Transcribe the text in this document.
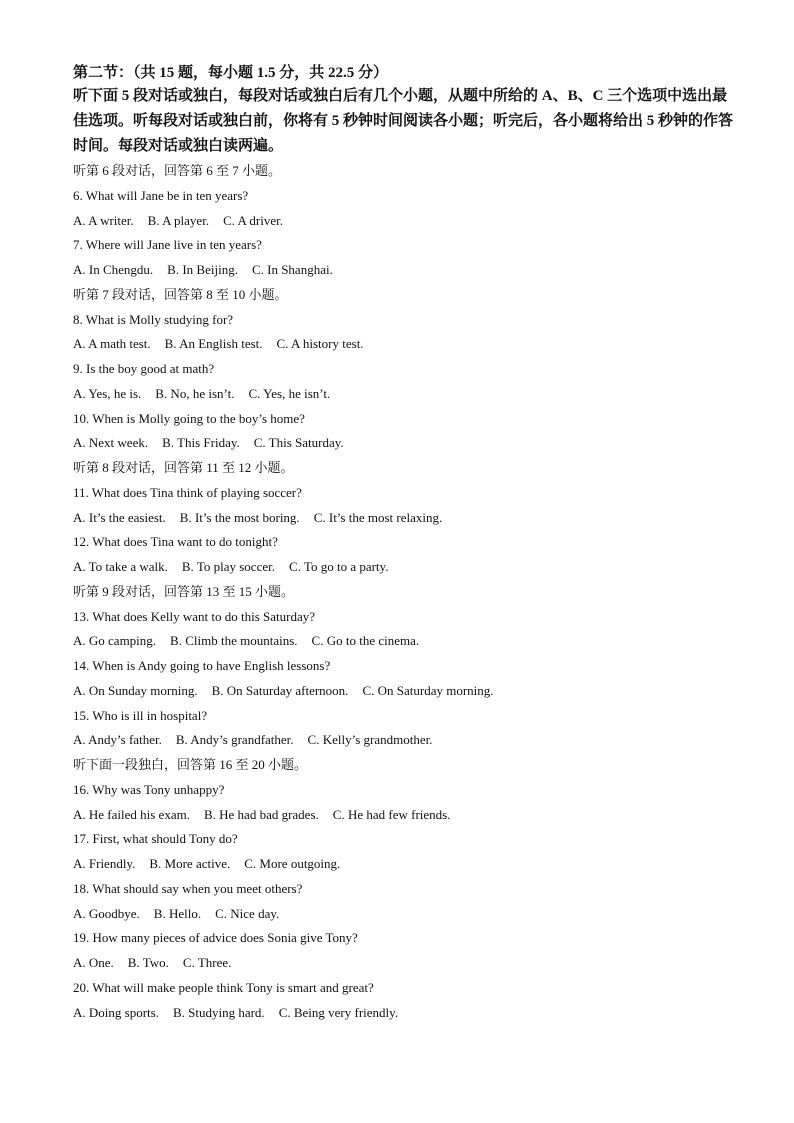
第二节：（共 15 题，每小题 1.5 分，共 22.5 分）

听下面 5 段对话或独白，每段对话或独白后有几个小题，从题中所给的 A、B、C 三个选项中选出最佳选项。听每段对话或独白前，你将有 5 秒钟时间阅读各小题；听完后，各小题将给出 5 秒钟的作答时间。每段对话或独白读两遍。

听第 6 段对话，回答第 6 至 7 小题。
6. What will Jane be in ten years?
A. A writer. B. A player. C. A driver.
7. Where will Jane live in ten years?
A. In Chengdu. B. In Beijing. C. In Shanghai.
听第 7 段对话，回答第 8 至 10 小题。
8. What is Molly studying for?
A. A math test. B. An English test. C. A history test.
9. Is the boy good at math?
A. Yes, he is. B. No, he isn’t. C. Yes, he isn’t.
10. When is Molly going to the boy’s home?
A. Next week. B. This Friday. C. This Saturday.
听第 8 段对话，回答第 11 至 12 小题。
11. What does Tina think of playing soccer?
A. It’s the easiest. B. It’s the most boring. C. It’s the most relaxing.
12. What does Tina want to do tonight?
A. To take a walk. B. To play soccer. C. To go to a party.
听第 9 段对话，回答第 13 至 15 小题。
13. What does Kelly want to do this Saturday?
A. Go camping. B. Climb the mountains. C. Go to the cinema.
14. When is Andy going to have English lessons?
A. On Sunday morning. B. On Saturday afternoon. C. On Saturday morning.
15. Who is ill in hospital?
A. Andy’s father. B. Andy’s grandfather. C. Kelly’s grandmother.
听下面一段独白，回答第 16 至 20 小题。
16. Why was Tony unhappy?
A. He failed his exam. B. He had bad grades. C. He had few friends.
17. First, what should Tony do?
A. Friendly. B. More active. C. More outgoing.
18. What should say when you meet others?
A. Goodbye. B. Hello. C. Nice day.
19. How many pieces of advice does Sonia give Tony?
A. One. B. Two. C. Three.
20. What will make people think Tony is smart and great?
A. Doing sports. B. Studying hard. C. Being very friendly.
